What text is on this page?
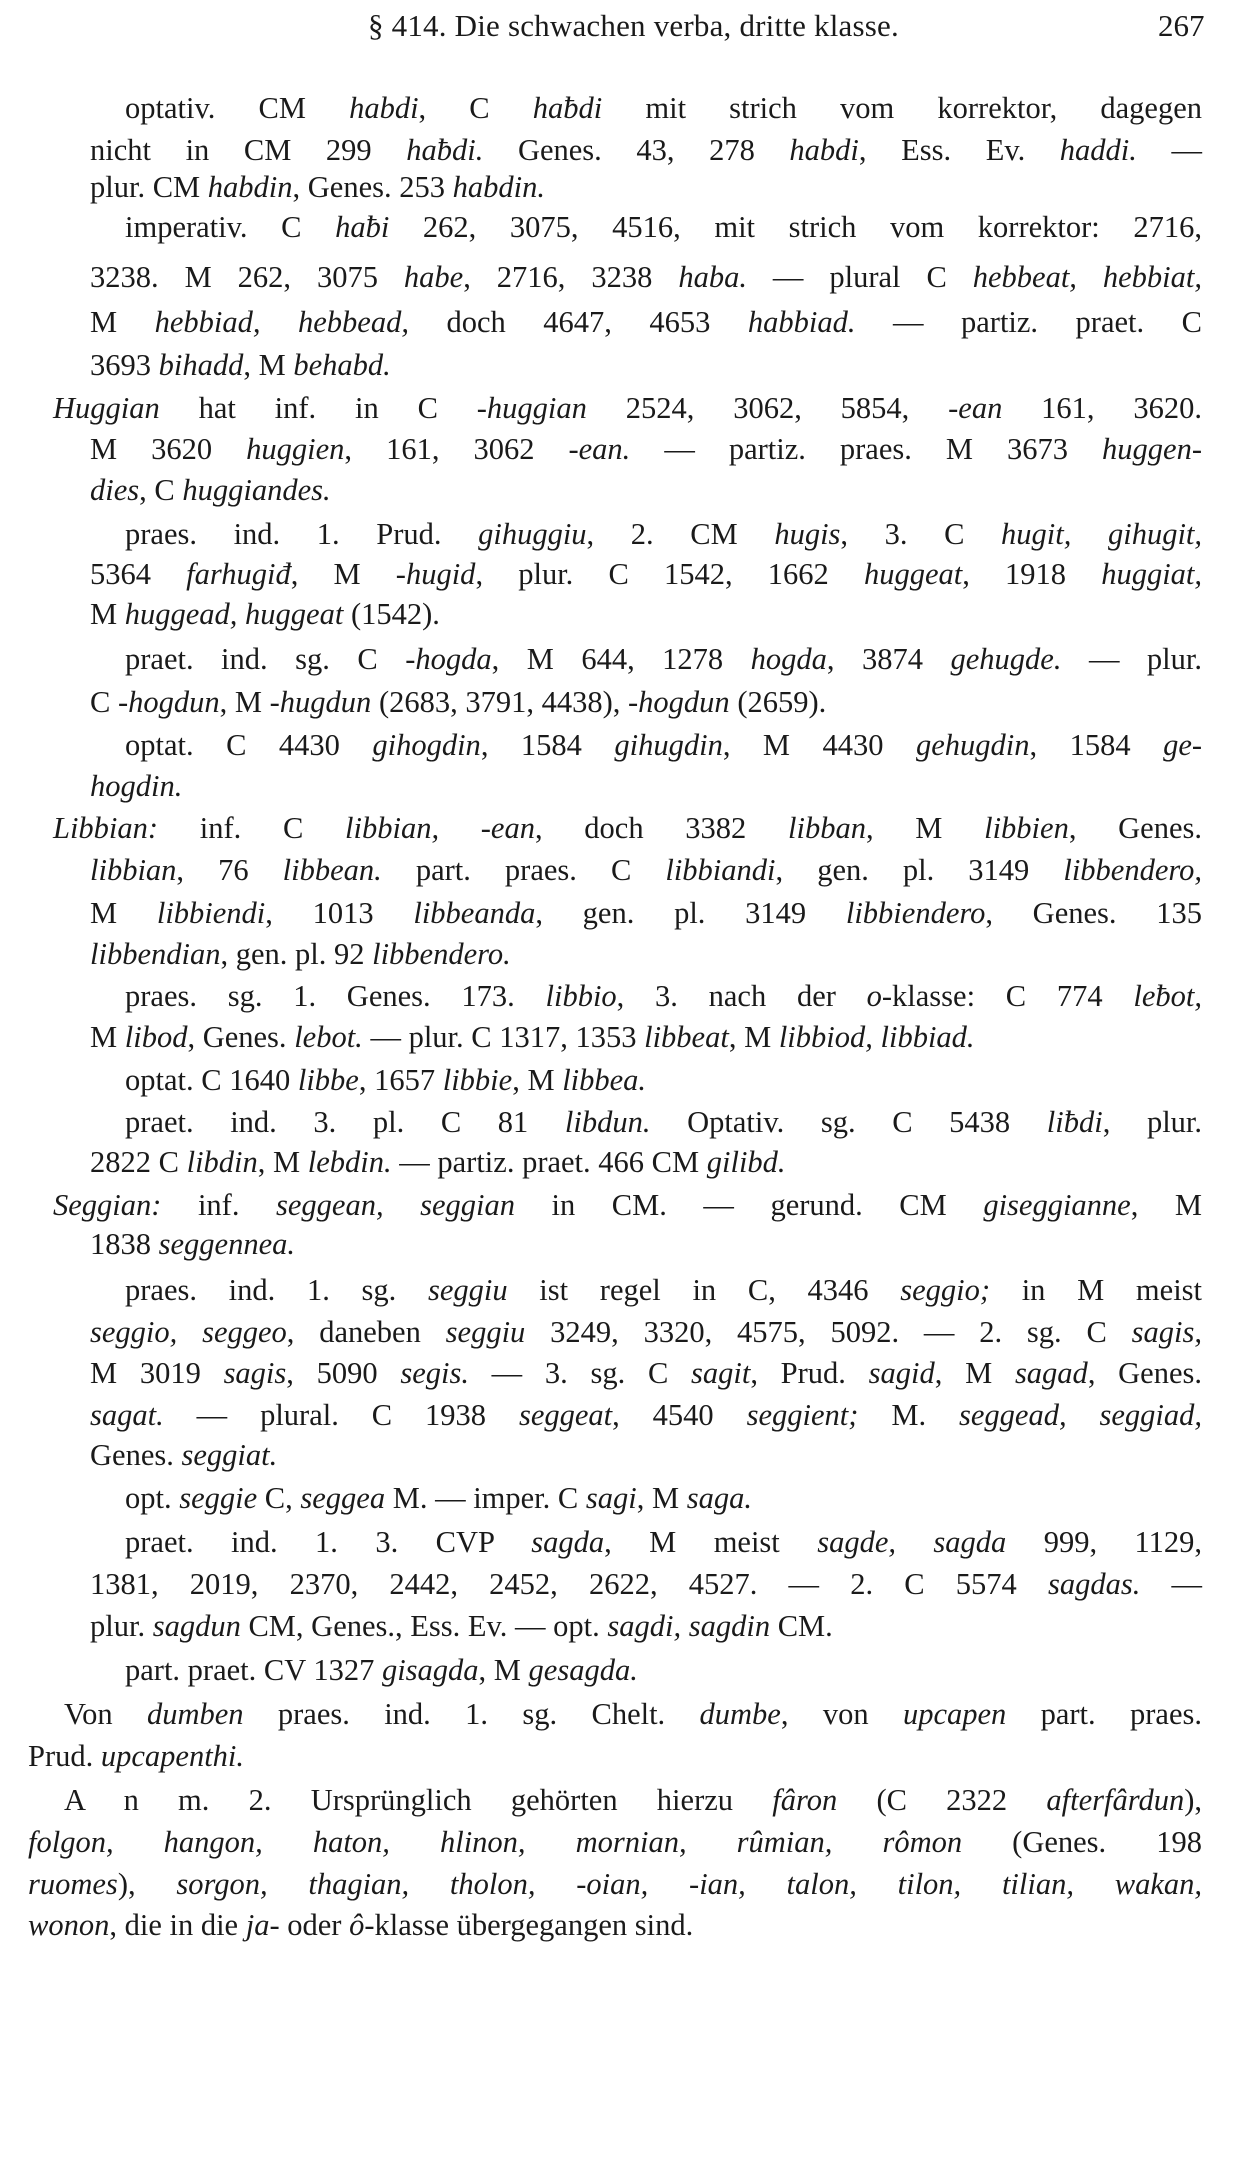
§ 414. Die schwachen verba, dritte klasse.	267
optativ. CM habdi, C haƀdi mit strich vom korrektor, dagegen
nicht in CM 299 haƀdi. Genes. 43, 278 habdi, Ess. Ev. haddi. —
plur. CM habdin, Genes. 253 habdin.
imperativ. C haƀi 262, 3075, 4516, mit strich vom korrektor: 2716,
3238. M 262, 3075 habe, 2716, 3238 haba. — plural C hebbeat, hebbiat,
M hebbiad, hebbead, doch 4647, 4653 habbiad. — partiz. praet. C
3693 bihadd, M behabd.
Huggian hat inf. in C -huggian 2524, 3062, 5854, -ean 161, 3620.
M 3620 huggien, 161, 3062 -ean. — partiz. praes. M 3673 huggen-
dies, C huggiandes.
praes. ind. 1. Prud. gihuggiu, 2. CM hugis, 3. C hugit, gihugit,
5364 farhugiđ, M -hugid, plur. C 1542, 1662 huggeat, 1918 huggiat,
M huggead, huggeat (1542).
praet. ind. sg. C -hogda, M 644, 1278 hogda, 3874 gehugde. — plur.
C -hogdun, M -hugdun (2683, 3791, 4438), -hogdun (2659).
optat. C 4430 gihogdin, 1584 gihugdin, M 4430 gehugdin, 1584 ge-
hogdin.
Libbian: inf. C libbian, -ean, doch 3382 libban, M libbien, Genes.
libbian, 76 libbean. part. praes. C libbiandi, gen. pl. 3149 libbendero,
M libbiendi, 1013 libbeanda, gen. pl. 3149 libbiendero, Genes. 135
libbendian, gen. pl. 92 libbendero.
praes. sg. 1. Genes. 173. libbio, 3. nach der o-klasse: C 774 leƀot,
M libod, Genes. lebot. — plur. C 1317, 1353 libbeat, M libbiod, libbiad.
optat. C 1640 libbe, 1657 libbie, M libbea.
praet. ind. 3. pl. C 81 libdun. Optativ. sg. C 5438 liƀdi, plur.
2822 C libdin, M lebdin. — partiz. praet. 466 CM gilibd.
Seggian: inf. seggean, seggian in CM. — gerund. CM giseggianne, M
1838 seggennea.
praes. ind. 1. sg. seggiu ist regel in C, 4346 seggio; in M meist
seggio, seggeo, daneben seggiu 3249, 3320, 4575, 5092. — 2. sg. C sagis,
M 3019 sagis, 5090 segis. — 3. sg. C sagit, Prud. sagid, M sagad, Genes.
sagat. — plural. C 1938 seggeat, 4540 seggient; M. seggead, seggiad,
Genes. seggiat.
opt. seggie C, seggea M. — imper. C sagi, M saga.
praet. ind. 1. 3. CVP sagda, M meist sagde, sagda 999, 1129,
1381, 2019, 2370, 2442, 2452, 2622, 4527. — 2. C 5574 sagdas. —
plur. sagdun CM, Genes., Ess. Ev. — opt. sagdi, sagdin CM.
part. praet. CV 1327 gisagda, M gesagda.
Von dumben praes. ind. 1. sg. Chelt. dumbe, von upcapen part. praes.
Prud. upcapenthi.
A n m. 2. Ursprünglich gehörten hierzu fâron (C 2322 afterfârdun),
folgon, hangon, haton, hlinon, mornian, rûmian, rômon (Genes. 198
ruomes), sorgon, thagian, tholon, -oian, -ian, talon, tilon, tilian, wakan,
wonon, die in die ja- oder ô-klasse übergegangen sind.
